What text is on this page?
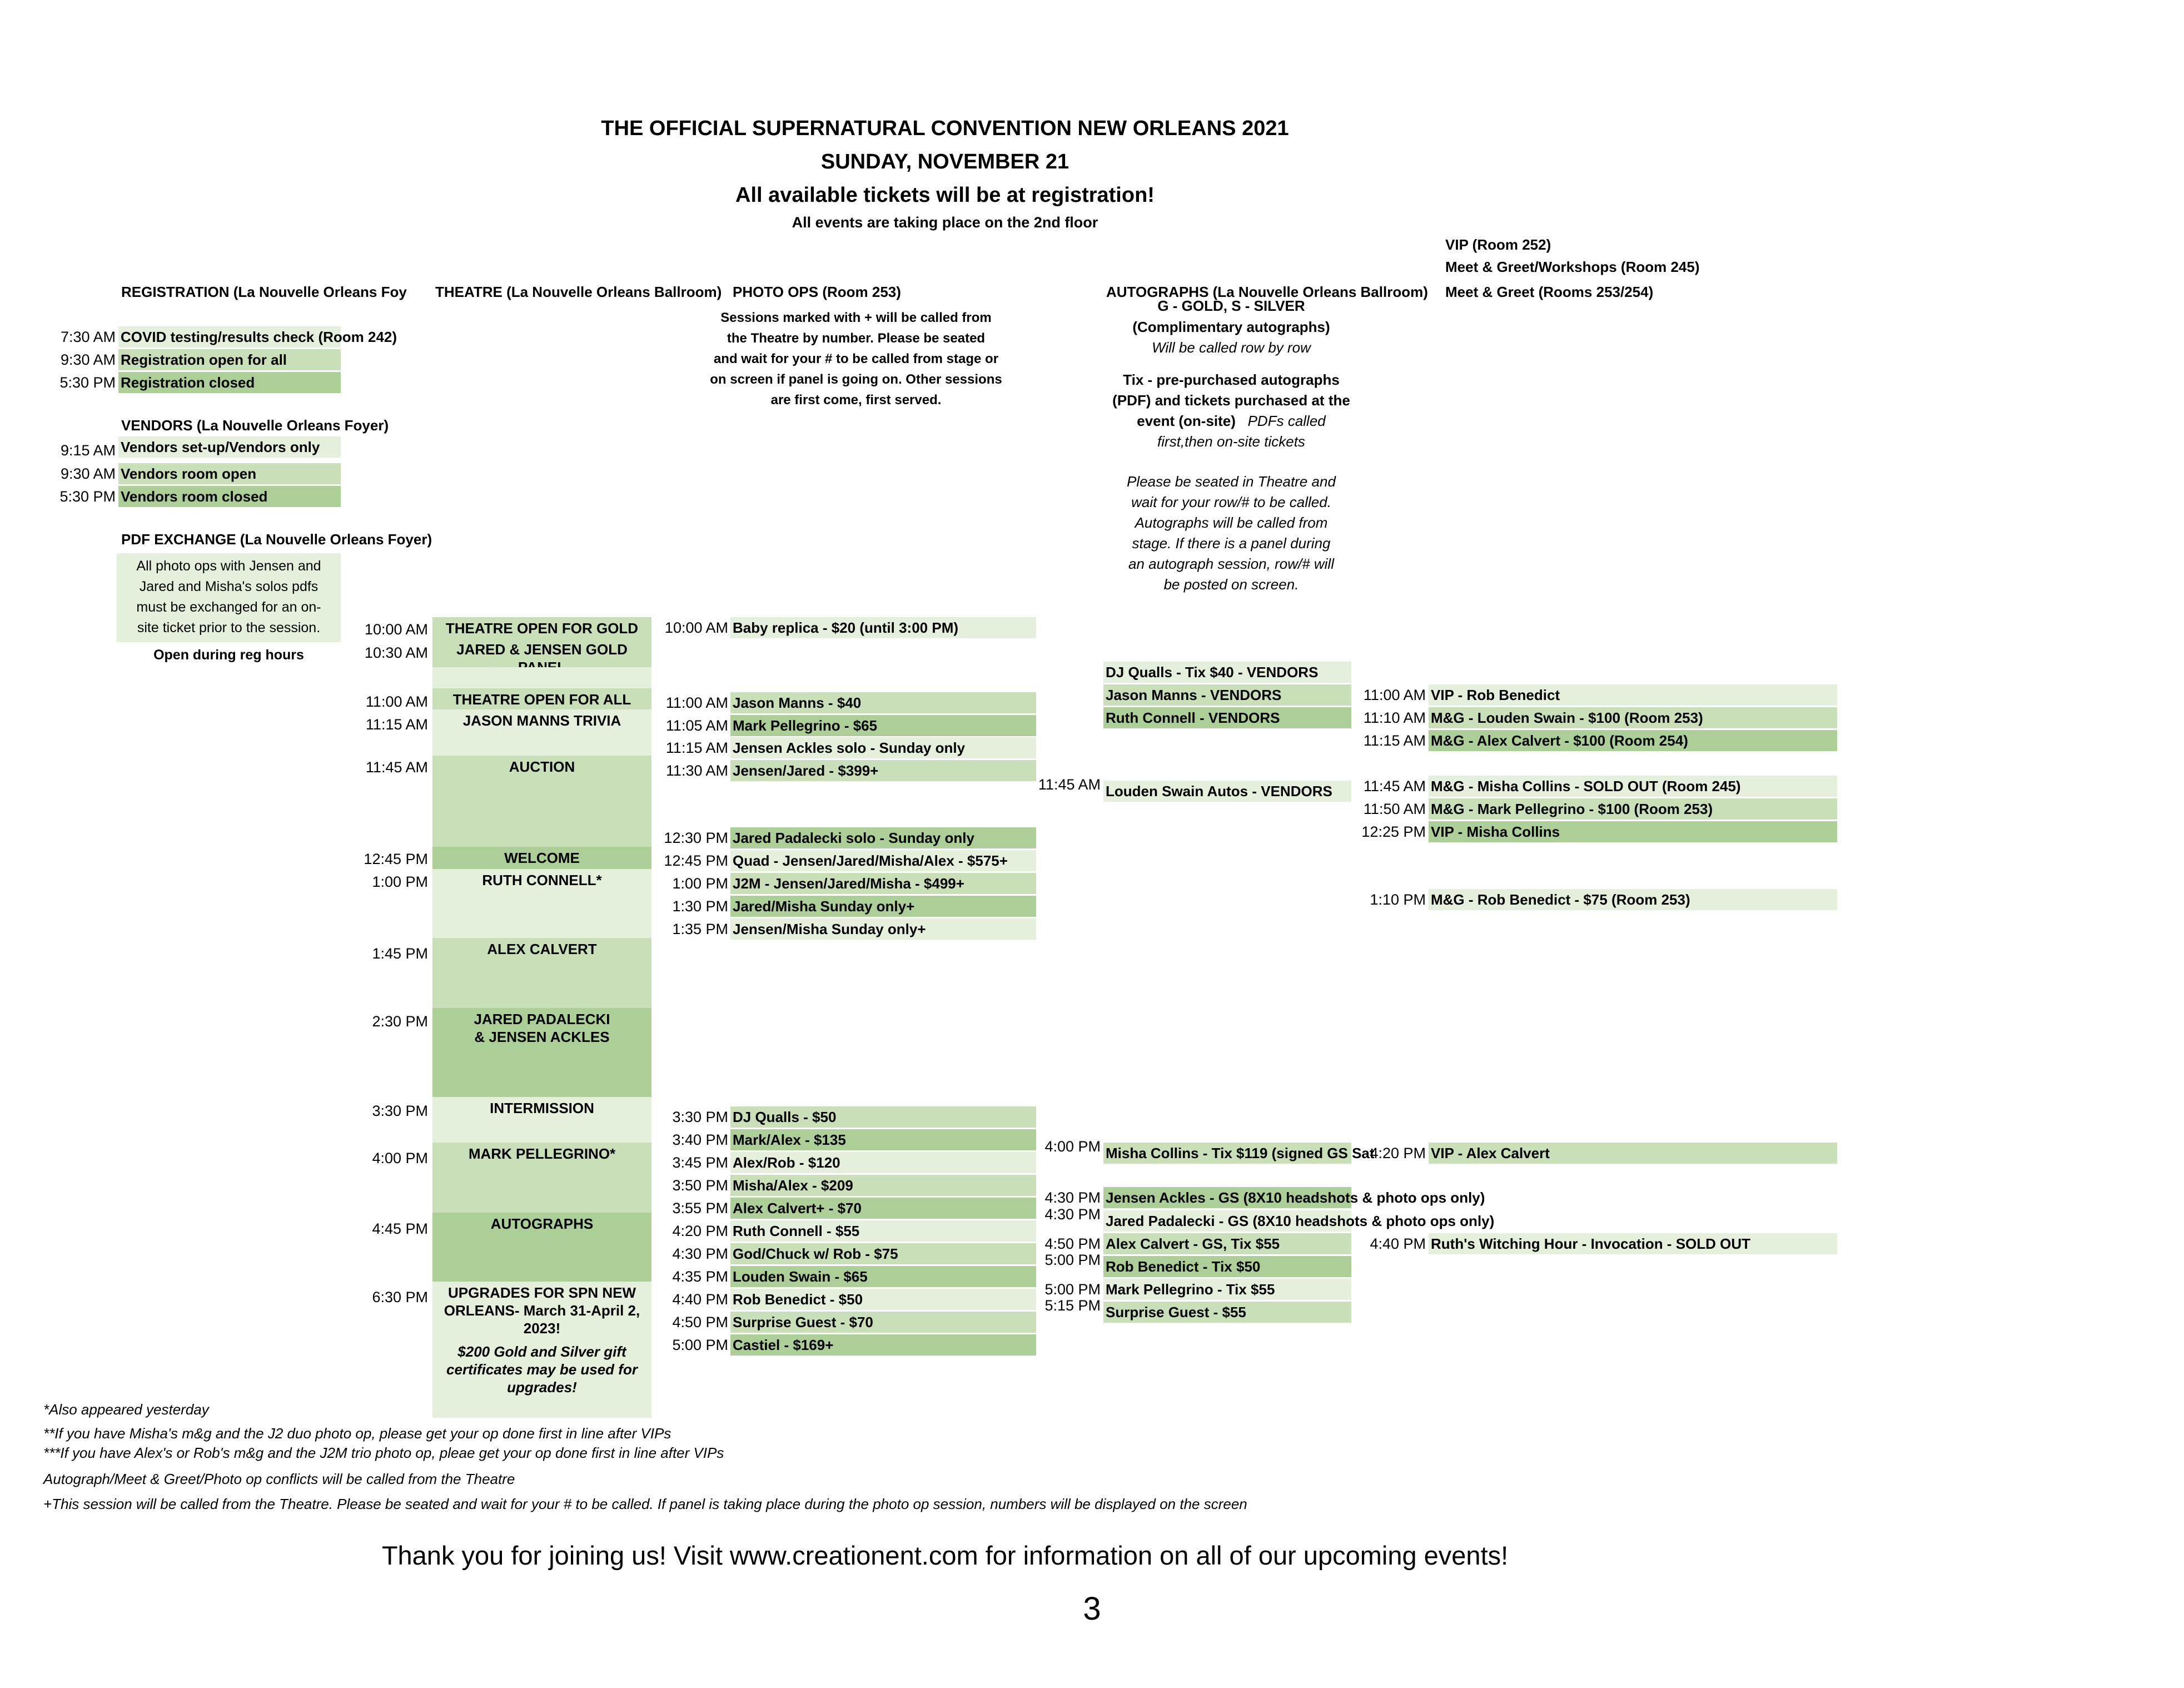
THE OFFICIAL SUPERNATURAL CONVENTION NEW ORLEANS 2021
SUNDAY, NOVEMBER 21
All available tickets will be at registration!
All events are taking place on the 2nd floor
VIP (Room 252)
Meet & Greet/Workshops (Room 245)
Meet & Greet (Rooms 253/254)
REGISTRATION (La Nouvelle Orleans Foy
7:30 AM COVID testing/results check (Room 242)
9:30 AM Registration open for all
5:30 PM Registration closed
VENDORS (La Nouvelle Orleans Foyer)
9:15 AM Vendors set-up/Vendors only
9:30 AM Vendors room open
5:30 PM Vendors room closed
PDF EXCHANGE (La Nouvelle Orleans Foyer)
All photo ops with Jensen and
Jared and Misha's solos pdfs
must be exchanged for an on-
site ticket prior to the session.
Open during reg hours
THEATRE (La Nouvelle Orleans Ballroom)
10:00 AM	THEATRE OPEN FOR GOLD
10:30 AM	JARED & JENSEN GOLD
11:00 AM	THEATRE OPEN FOR ALL
11:15 AM	JASON MANNS TRIVIA
11:45 AM	AUCTION
12:45 PM	WELCOME
1:00 PM	RUTH CONNELL*
1:45 PM	ALEX CALVERT
2:30 PM	JARED PADALECKI
& JENSEN ACKLES
3:30 PM	INTERMISSION
4:00 PM	MARK PELLEGRINO*
4:45 PM	AUTOGRAPHS
6:30 PM	UPGRADES FOR SPN NEW
ORLEANS- March 31-April 2,
2023!
$200 Gold and Silver gift
certificates may be used for
upgrades!
PHOTO OPS (Room 253)
Sessions marked with + will be called from
the Theatre by number. Please be seated
and wait for your # to be called from stage or
on screen if panel is going on. Other sessions
are first come, first served.
10:00 AM Baby replica - $20 (until 3:00 PM)
11:00 AM Jason Manns - $40
11:05 AM Mark Pellegrino - $65
11:15 AM Jensen Ackles solo - Sunday only
11:30 AM Jensen/Jared - $399+
12:30 PM Jared Padalecki solo - Sunday only
12:45 PM Quad - Jensen/Jared/Misha/Alex - $575+
1:00 PM J2M - Jensen/Jared/Misha - $499+
1:30 PM Jared/Misha Sunday only+
1:35 PM Jensen/Misha Sunday only+
3:30 PM DJ Qualls - $50
3:40 PM Mark/Alex - $135
3:45 PM Alex/Rob - $120
3:50 PM Misha/Alex - $209
3:55 PM Alex Calvert+ - $70
4:20 PM Ruth Connell - $55
4:30 PM God/Chuck w/ Rob - $75
4:35 PM Louden Swain - $65
4:40 PM Rob Benedict - $50
4:50 PM Surprise Guest - $70
5:00 PM Castiel - $169+
AUTOGRAPHS (La Nouvelle Orleans Ballroom)
G - GOLD, S - SILVER
(Complimentary autographs)
Will be called row by row
Tix - pre-purchased autographs
(PDF) and tickets purchased at the
event (on-site) PDFs called
first,then on-site tickets
Please be seated in Theatre and
wait for your row/# to be called.
Autographs will be called from
stage. If there is a panel during
an autograph session, row/# will
be posted on screen.
DJ Qualls - Tix $40 - VENDORS
Jason Manns - VENDORS
Ruth Connell - VENDORS
11:45 AM Louden Swain Autos - VENDORS
4:00 PM Misha Collins - Tix $119 (signed GS Sat
4:30 PM Jensen Ackles - GS (8X10 headshots & photo ops only)
4:30 PM Jared Padalecki - GS (8X10 headshots & photo ops only)
4:50 PM Alex Calvert - GS, Tix $55
5:00 PM Rob Benedict - Tix $50
5:00 PM Mark Pellegrino - Tix $55
5:15 PM Surprise Guest - $55
11:00 AM VIP - Rob Benedict
11:10 AM M&G - Louden Swain - $100 (Room 253)
11:15 AM M&G - Alex Calvert - $100 (Room 254)
11:45 AM M&G - Misha Collins - SOLD OUT (Room 245)
11:50 AM M&G - Mark Pellegrino - $100 (Room 253)
12:25 PM VIP - Misha Collins
1:10 PM M&G - Rob Benedict - $75 (Room 253)
4:20 PM VIP - Alex Calvert
4:40 PM Ruth's Witching Hour - Invocation - SOLD OUT
*Also appeared yesterday
**If you have Misha's m&g and the J2 duo photo op, please get your op done first in line after VIPs
***If you have Alex's or Rob's m&g and the J2M trio photo op, pleae get your op done first in line after VIPs
Autograph/Meet & Greet/Photo op conflicts will be called from the Theatre
+This session will be called from the Theatre. Please be seated and wait for your # to be called. If panel is taking place during the photo op session, numbers will be displayed on the screen
Thank you for joining us! Visit www.creationent.com for information on all of our upcoming events!
3
